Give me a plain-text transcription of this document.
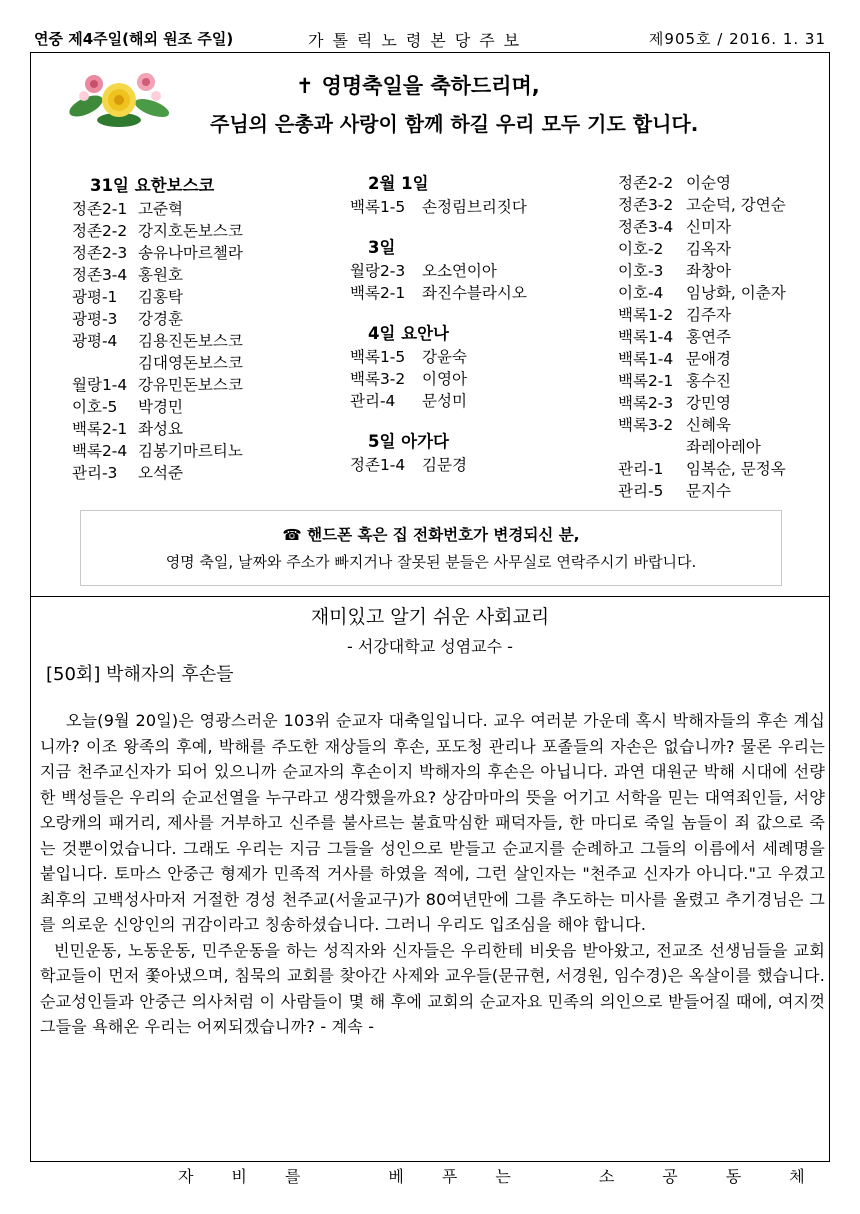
연중 제4주일(해외 원조 주일)	가톨릭노령본당주보	제905호 / 2016. 1. 31
✝ 영명축일을 축하드리며,
주님의 은총과 사랑이 함께 하길 우리 모두 기도 합니다.
31일 요한보스코
정존2-1 고준혁
정존2-2 강지호돈보스코
정존2-3 송유나마르첼라
정존3-4 홍원호
광평-1 김홍탁
광평-3 강경훈
광평-4 김용진돈보스코
김대영돈보스코
월랑1-4 강유민돈보스코
이호-5 박경민
백록2-1 좌성요
백록2-4 김봉기마르티노
관리-3 오석준
2월 1일
백록1-5 손정림브리짓다
3일
월랑2-3 오소연이아
백록2-1 좌진수블라시오
4일 요안나
백록1-5 강윤숙
백록3-2 이영아
관리-4 문성미
5일 아가다
정존1-4 김문경
정존2-2 이순영
정존3-2 고순덕, 강연순
정존3-4 신미자
이호-2 김옥자
이호-3 좌창아
이호-4 임낭화, 이춘자
백록1-2 김주자
백록1-4 홍연주
백록1-4 문애경
백록2-1 홍수진
백록2-3 강민영
백록3-2 신혜욱
좌레아레아
관리-1 임복순, 문정옥
관리-5 문지수
☎ 핸드폰 혹은 집 전화번호가 변경되신 분,
영명 축일, 날짜와 주소가 빠지거나 잘못된 분들은 사무실로 연락주시기 바랍니다.
재미있고 알기 쉬운 사회교리
- 서강대학교 성염교수 -
[50회] 박해자의 후손들

오늘(9월 20일)은 영광스러운 103위 순교자 대축일입니다. 교우 여러분 가운데 혹시 박해자들의 후손 계십니까? 이조 왕족의 후예, 박해를 주도한 재상들의 후손, 포도청 관리나 포졸들의 자손은 없습니까? 물론 우리는 지금 천주교신자가 되어 있으니까 순교자의 후손이지 박해자의 후손은 아닙니다. 과연 대원군 박해 시대에 선량한 백성들은 우리의 순교선열을 누구라고 생각했을까요? 상감마마의 뜻을 어기고 서학을 믿는 대역죄인들, 서양 오랑캐의 패거리, 제사를 거부하고 신주를 불사르는 불효막심한 패덕자들, 한 마디로 죽일 놈들이 죄 값으로 죽는 것뿐이었습니다. 그래도 우리는 지금 그들을 성인으로 받들고 순교지를 순례하고 그들의 이름에서 세례명을 붙입니다. 토마스 안중근 형제가 민족적 거사를 하였을 적에, 그런 살인자는 "천주교 신자가 아니다."고 우겼고 최후의 고백성사마저 거절한 경성 천주교(서울교구)가 80여년만에 그를 추도하는 미사를 올렸고 추기경님은 그를 의로운 신앙인의 귀감이라고 칭송하셨습니다. 그러니 우리도 입조심을 해야 합니다.

빈민운동, 노동운동, 민주운동을 하는 성직자와 신자들은 우리한테 비웃음 받아왔고, 전교조 선생님들을 교회 학교들이 먼저 쫓아냈으며, 침묵의 교회를 찾아간 사제와 교우들(문규현, 서경원, 임수경)은 옥살이를 했습니다. 순교성인들과 안중근 의사처럼 이 사람들이 몇 해 후에 교회의 순교자요 민족의 의인으로 받들어질 때에, 여지껏 그들을 욕해온 우리는 어찌되겠습니까? - 계속 -

자 비 를	베 푸 는	소	공	동	체
